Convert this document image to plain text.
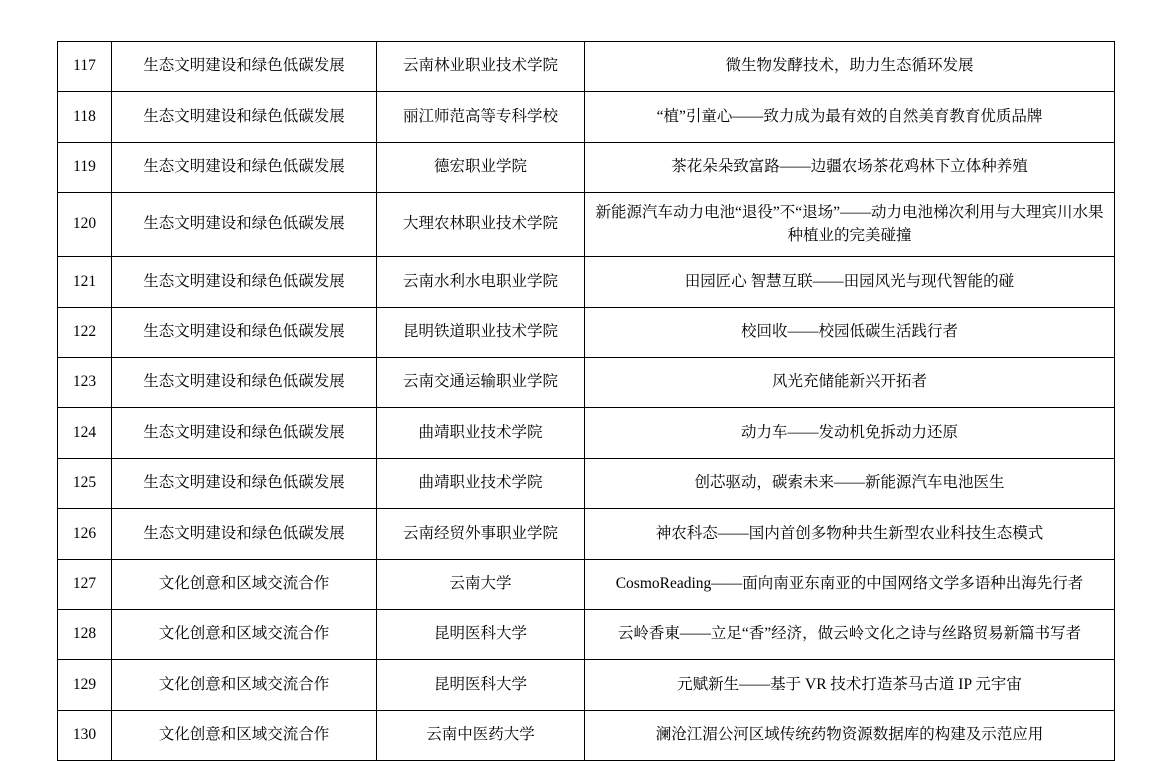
117	生态文明建设和绿色低碳发展	云南林业职业技术学院	微生物发酵技术，助力生态循环发展
118	生态文明建设和绿色低碳发展	丽江师范高等专科学校	“植”引童心——致力成为最有效的自然美育教育优质品牌
119	生态文明建设和绿色低碳发展	德宏职业学院	茶花朵朵致富路——边疆农场茶花鸡林下立体种养殖
120	生态文明建设和绿色低碳发展	大理农林职业技术学院	新能源汽车动力电池“退役”不“退场”——动力电池梯次利用与大理宾川水果种植业的完美碰撞
121	生态文明建设和绿色低碳发展	云南水利水电职业学院	田园匠心 智慧互联——田园风光与现代智能的碰
122	生态文明建设和绿色低碳发展	昆明铁道职业技术学院	校回收——校园低碳生活践行者
123	生态文明建设和绿色低碳发展	云南交通运输职业学院	风光充储能新兴开拓者
124	生态文明建设和绿色低碳发展	曲靖职业技术学院	动力车——发动机免拆动力还原
125	生态文明建设和绿色低碳发展	曲靖职业技术学院	创芯驱动，碳索未来——新能源汽车电池医生
126	生态文明建设和绿色低碳发展	云南经贸外事职业学院	神农科态——国内首创多物种共生新型农业科技生态模式
127	文化创意和区域交流合作	云南大学	CosmoReading——面向南亚东南亚的中国网络文学多语种出海先行者
128	文化创意和区域交流合作	昆明医科大学	云岭香東——立足“香”经济，做云岭文化之诗与丝路贸易新篇书写者
129	文化创意和区域交流合作	昆明医科大学	元赋新生——基于 VR 技术打造茶马古道 IP 元宇宙
130	文化创意和区域交流合作	云南中医药大学	澜沧江湄公河区域传统药物资源数据库的构建及示范应用
